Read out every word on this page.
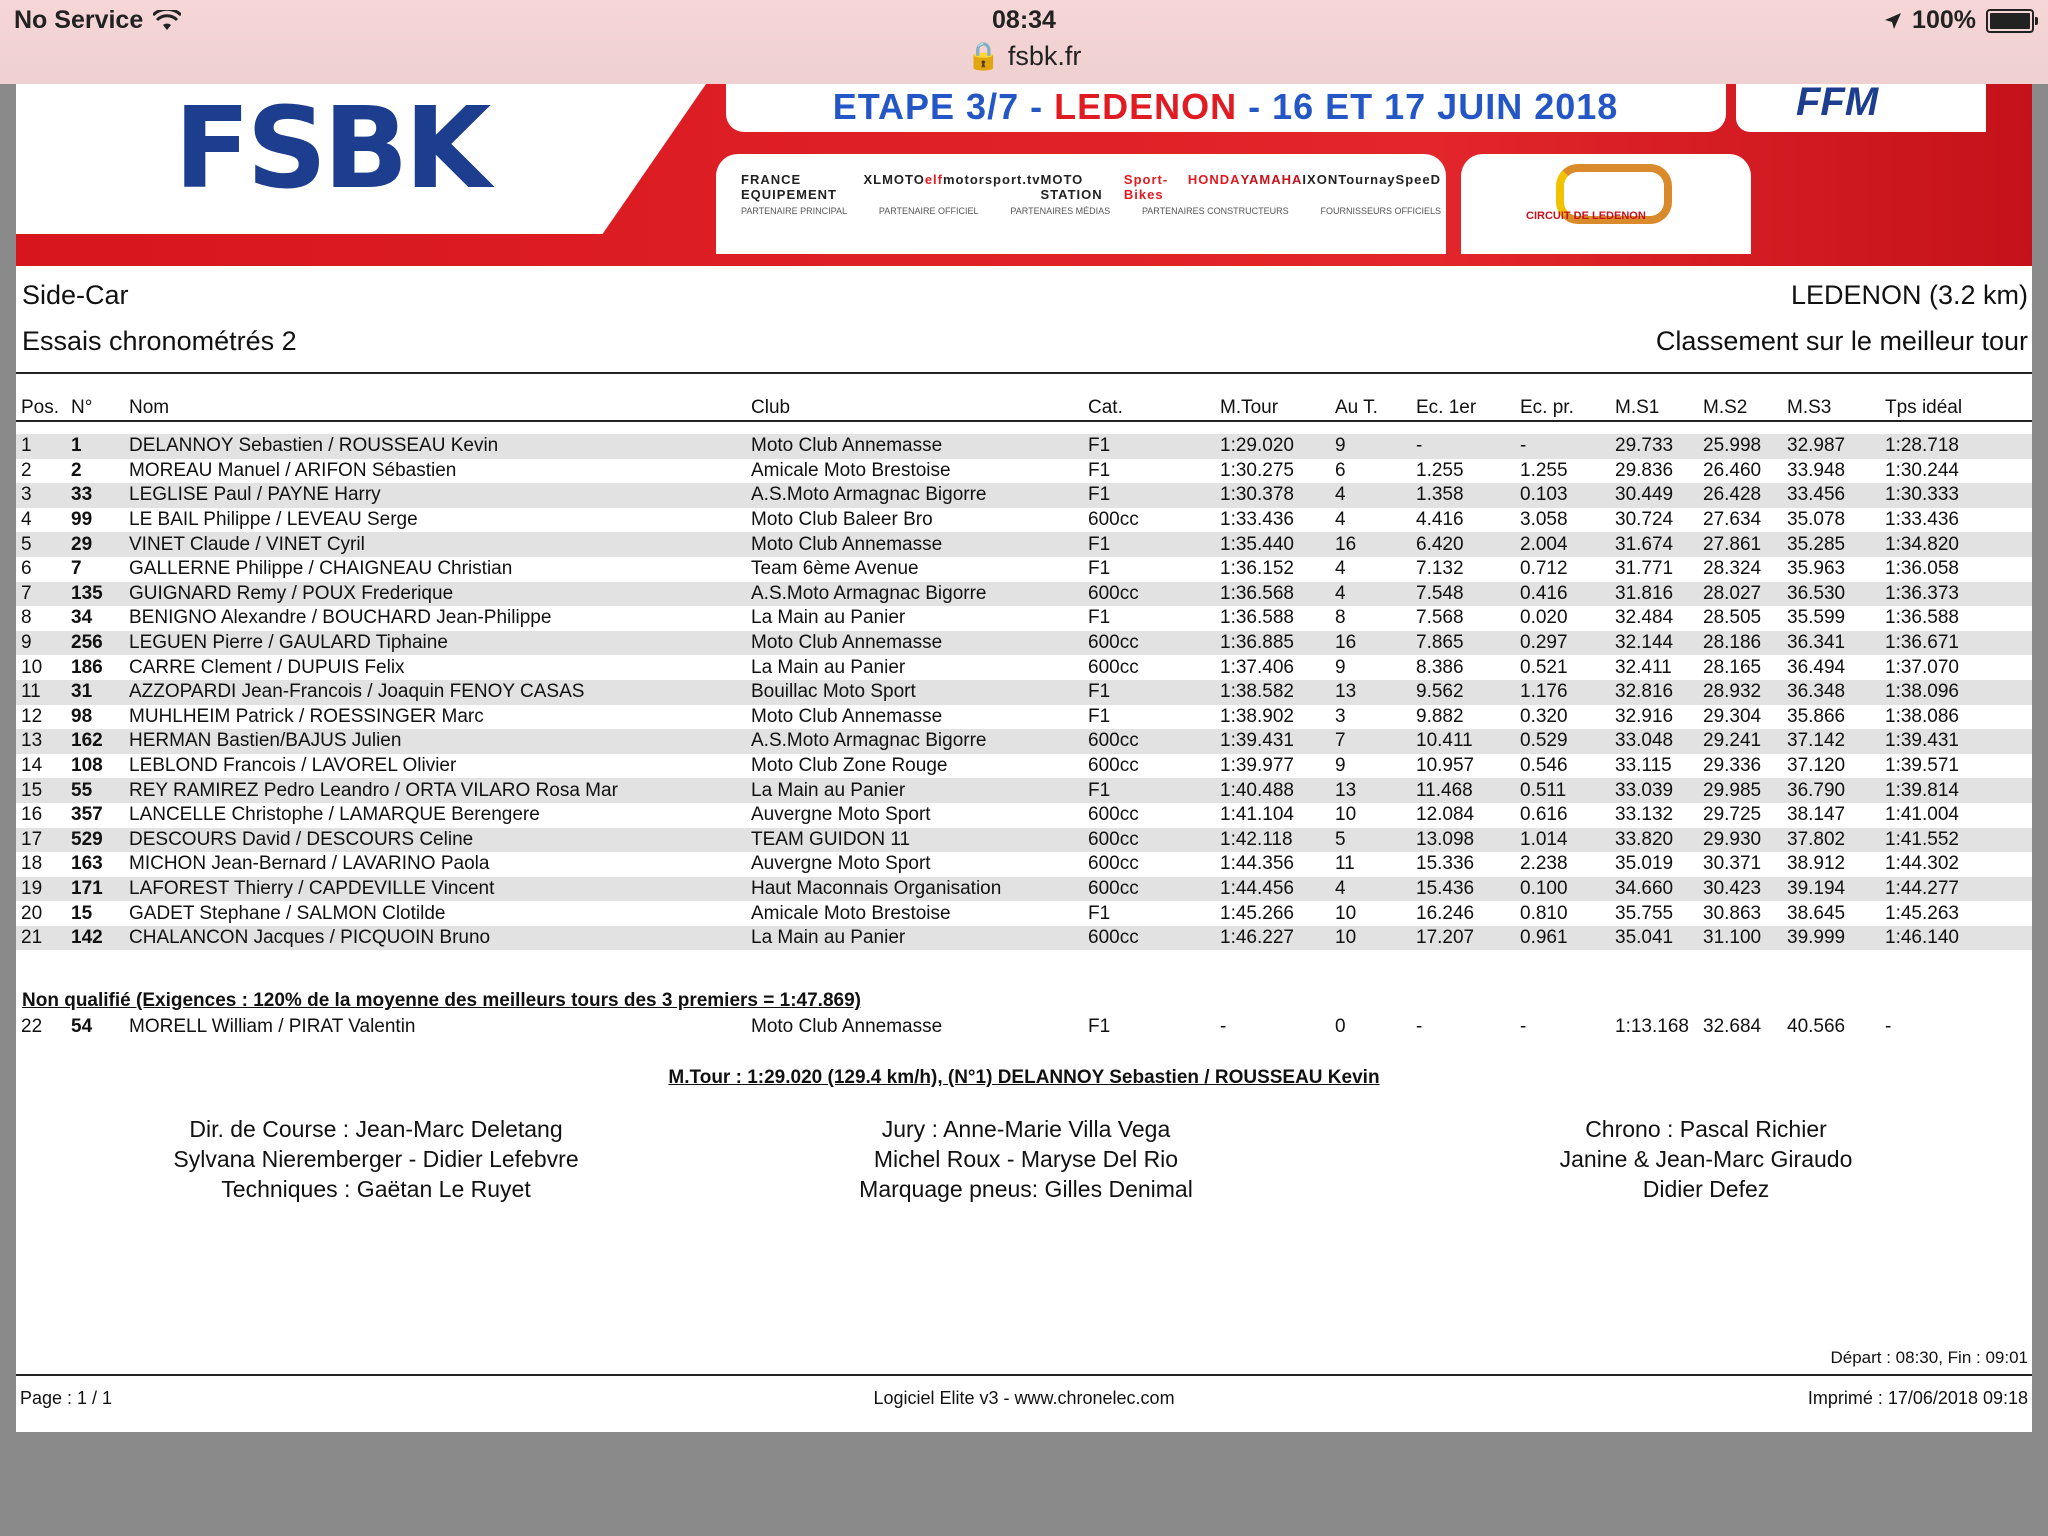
No Service	08:34	100%
🔒 fsbk.fr
FSBK	ETAPE 3/7 - LEDENON - 16 ET 17 JUIN 2018	FFM
FRANCE EQUIPEMENT
XLMOTO elf motorsport.tv MOTO STATION
Sport-Bikes
HONDA YAMAHA IXON Tournay SpeeD
PARTENAIRE PRINCIPAL	PARTENAIRE OFFICIEL	PARTENAIRES MÉDIAS	PARTENAIRES CONSTRUCTEURS	FOURNISSEURS OFFICIELS	CIRCUIT DE LEDENON
Side-Car
Essais chronométrés 2
LEDENON (3.2 km)
Classement sur le meilleur tour
Pos.	N°	Nom	Club	Cat.	M.Tour	Au T.	Ec. 1er	Ec. pr.	M.S1	M.S2	M.S3	Tps idéal

1	1	DELANNOY Sebastien / ROUSSEAU Kevin	Moto Club Annemasse	F1	1:29.020	9	-	-	29.733	25.998	32.987	1:28.718
2	2	MOREAU Manuel / ARIFON Sébastien	Amicale Moto Brestoise	F1	1:30.275	6	1.255	1.255	29.836	26.460	33.948	1:30.244
3	33	LEGLISE Paul / PAYNE Harry	A.S.Moto Armagnac Bigorre	F1	1:30.378	4	1.358	0.103	30.449	26.428	33.456	1:30.333
4	99	LE BAIL Philippe / LEVEAU Serge	Moto Club Baleer Bro	600cc	1:33.436	4	4.416	3.058	30.724	27.634	35.078	1:33.436
5	29	VINET Claude / VINET Cyril	Moto Club Annemasse	F1	1:35.440	16	6.420	2.004	31.674	27.861	35.285	1:34.820
6	7	GALLERNE Philippe / CHAIGNEAU Christian	Team 6ème Avenue	F1	1:36.152	4	7.132	0.712	31.771	28.324	35.963	1:36.058
7	135	GUIGNARD Remy / POUX Frederique	A.S.Moto Armagnac Bigorre	600cc	1:36.568	4	7.548	0.416	31.816	28.027	36.530	1:36.373
8	34	BENIGNO Alexandre / BOUCHARD Jean-Philippe	La Main au Panier	F1	1:36.588	8	7.568	0.020	32.484	28.505	35.599	1:36.588
9	256	LEGUEN Pierre / GAULARD Tiphaine	Moto Club Annemasse	600cc	1:36.885	16	7.865	0.297	32.144	28.186	36.341	1:36.671
10	186	CARRE Clement / DUPUIS Felix	La Main au Panier	600cc	1:37.406	9	8.386	0.521	32.411	28.165	36.494	1:37.070
11	31	AZZOPARDI Jean-Francois / Joaquin FENOY CASAS	Bouillac Moto Sport	F1	1:38.582	13	9.562	1.176	32.816	28.932	36.348	1:38.096
12	98	MUHLHEIM Patrick / ROESSINGER Marc	Moto Club Annemasse	F1	1:38.902	3	9.882	0.320	32.916	29.304	35.866	1:38.086
13	162	HERMAN Bastien/BAJUS Julien	A.S.Moto Armagnac Bigorre	600cc	1:39.431	7	10.411	0.529	33.048	29.241	37.142	1:39.431
14	108	LEBLOND Francois / LAVOREL Olivier	Moto Club Zone Rouge	600cc	1:39.977	9	10.957	0.546	33.115	29.336	37.120	1:39.571
15	55	REY RAMIREZ Pedro Leandro / ORTA VILARO Rosa Mar	La Main au Panier	F1	1:40.488	13	11.468	0.511	33.039	29.985	36.790	1:39.814
16	357	LANCELLE Christophe / LAMARQUE Berengere	Auvergne Moto Sport	600cc	1:41.104	10	12.084	0.616	33.132	29.725	38.147	1:41.004
17	529	DESCOURS David / DESCOURS Celine	TEAM GUIDON 11	600cc	1:42.118	5	13.098	1.014	33.820	29.930	37.802	1:41.552
18	163	MICHON Jean-Bernard / LAVARINO Paola	Auvergne Moto Sport	600cc	1:44.356	11	15.336	2.238	35.019	30.371	38.912	1:44.302
19	171	LAFOREST Thierry / CAPDEVILLE Vincent	Haut Maconnais Organisation	600cc	1:44.456	4	15.436	0.100	34.660	30.423	39.194	1:44.277
20	15	GADET Stephane / SALMON Clotilde	Amicale Moto Brestoise	F1	1:45.266	10	16.246	0.810	35.755	30.863	38.645	1:45.263
21	142	CHALANCON Jacques / PICQUOIN Bruno	La Main au Panier	600cc	1:46.227	10	17.207	0.961	35.041	31.100	39.999	1:46.140
Non qualifié (Exigences : 120% de la moyenne des meilleurs tours des 3 premiers = 1:47.869)
22	54	MORELL William / PIRAT Valentin	Moto Club Annemasse	F1	-	0	-	-	1:13.168	32.684	40.566	-
M.Tour : 1:29.020 (129.4 km/h), (N°1) DELANNOY Sebastien / ROUSSEAU Kevin
Dir. de Course : Jean-Marc Deletang
Sylvana Nieremberger - Didier Lefebvre
Techniques : Gaëtan Le Ruyet
Jury : Anne-Marie Villa Vega
Michel Roux - Maryse Del Rio
Marquage pneus: Gilles Denimal
Chrono : Pascal Richier
Janine & Jean-Marc Giraudo
Didier Defez
Départ : 08:30, Fin : 09:01
Page : 1 / 1	Logiciel Elite v3 - www.chronelec.com	Imprimé : 17/06/2018 09:18
